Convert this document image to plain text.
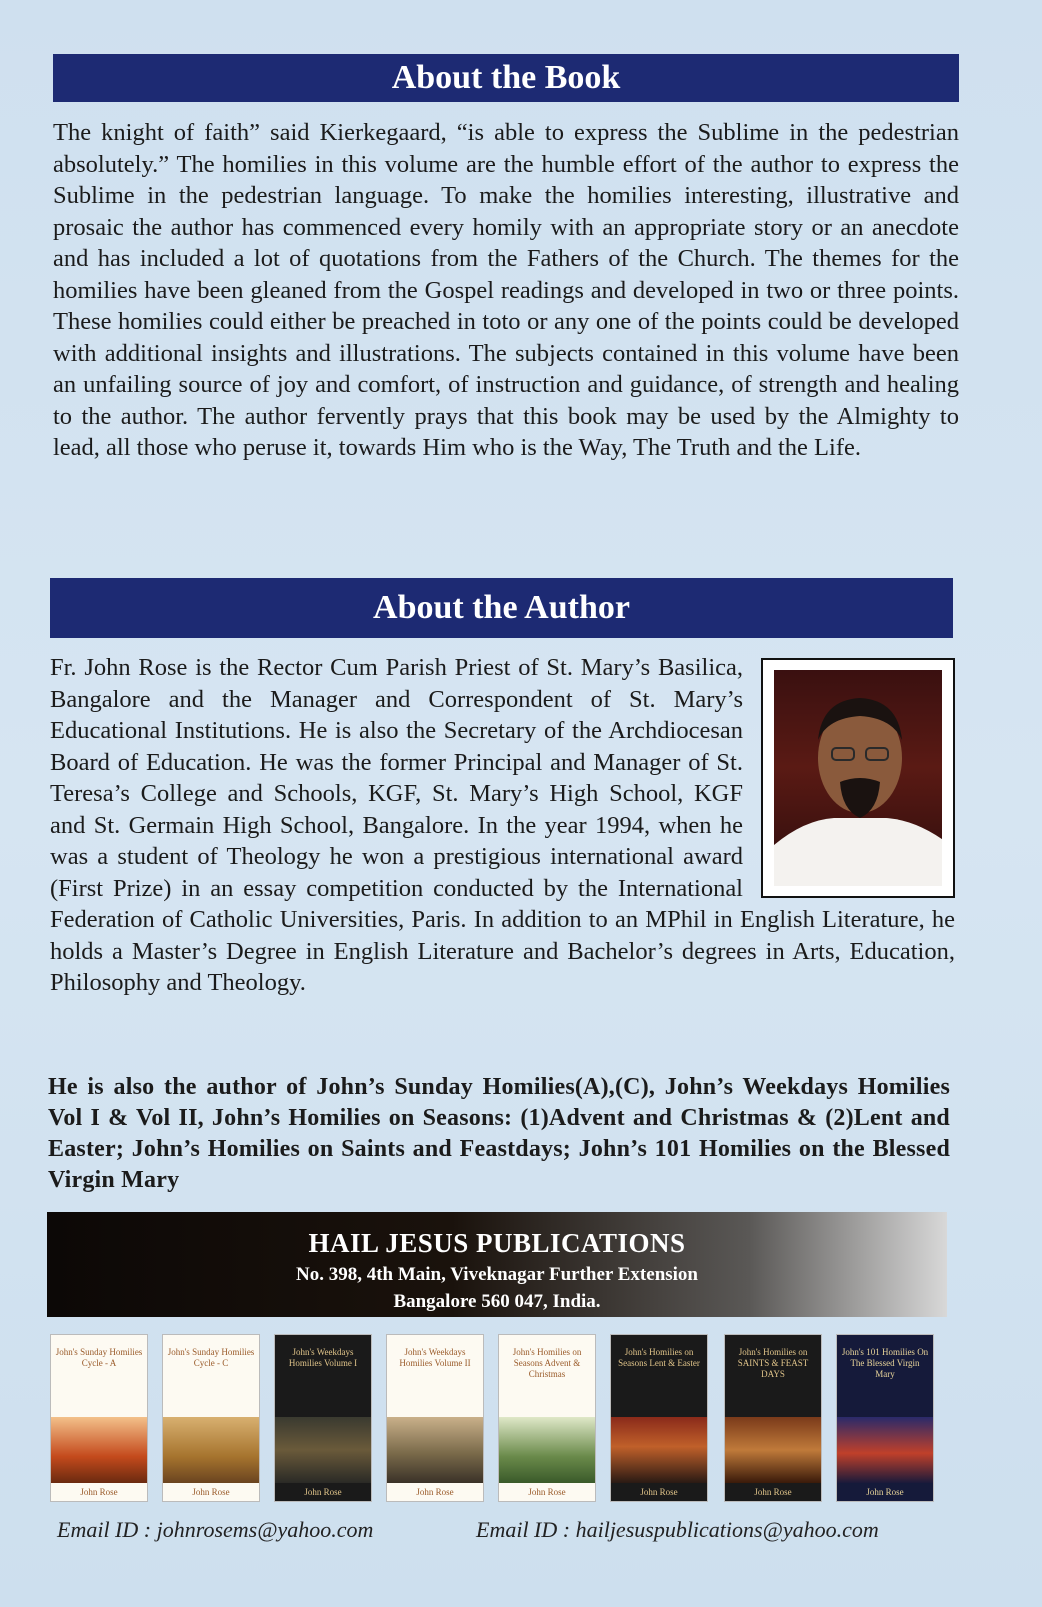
About the Book

The knight of faith” said Kierkegaard, “is able to express the Sublime in the pedestrian absolutely.” The homilies in this volume are the humble effort of the author to express the Sublime in the pedestrian language. To make the homilies interesting, illustrative and prosaic the author has commenced every homily with an appropriate story or an anecdote and has included a lot of quotations from the Fathers of the Church. The themes for the homilies have been gleaned from the Gospel readings and developed in two or three points. These homilies could either be preached in toto or any one of the points could be developed with additional insights and illustrations. The subjects contained in this volume have been an unfailing source of joy and comfort, of instruction and guidance, of strength and healing to the author. The author fervently prays that this book may be used by the Almighty to lead, all those who peruse it, towards Him who is the Way, The Truth and the Life.

About the Author
Fr. John Rose is the Rector Cum Parish Priest of St. Mary’s Basilica, Bangalore and the Manager and Correspondent of St. Mary’s Educational Institutions. He is also the Secretary of the Archdiocesan Board of Education. He was the former Principal and Manager of St. Teresa’s College and Schools, KGF, St. Mary’s High School, KGF and St. Germain High School, Bangalore. In the year 1994, when he was a student of Theology he won a prestigious international award (First Prize) in an essay competition conducted by the International Federation of Catholic Universities, Paris. In addition to an MPhil in English Literature, he holds a Master’s Degree in English Literature and Bachelor’s degrees in Arts, Education, Philosophy and Theology.

He is also the author of John’s Sunday Homilies(A),(C), John’s Weekdays Homilies Vol I & Vol II, John’s Homilies on Seasons: (1)Advent and Christmas & (2)Lent and Easter; John’s Homilies on Saints and Feastdays; John’s 101 Homilies on the Blessed Virgin Mary

HAIL JESUS PUBLICATIONS
No. 398, 4th Main, Viveknagar Further Extension
Bangalore 560 047, India.
John's Sunday Homilies Cycle - A
John Rose
John's Sunday Homilies Cycle - C
John Rose
John's Weekdays Homilies Volume I
John Rose
John's Weekdays Homilies Volume II
John Rose
John's Homilies on Seasons Advent & Christmas
John Rose
John's Homilies on Seasons Lent & Easter
John Rose
John's Homilies on SAINTS & FEAST DAYS
John Rose
John's 101 Homilies On The Blessed Virgin Mary
John Rose
Email ID : johnrosems@yahoo.com	Email ID : hailjesuspublications@yahoo.com
